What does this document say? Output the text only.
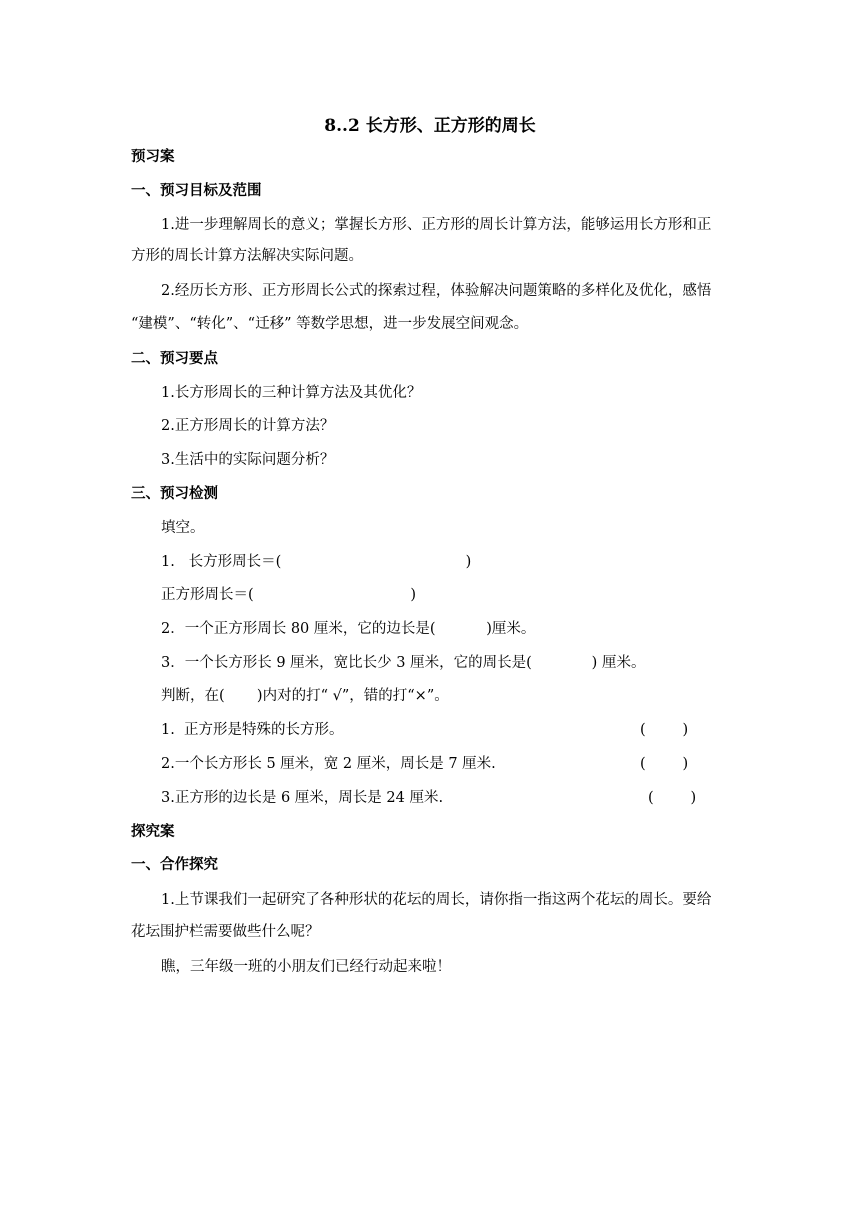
8..2 长方形、正方形的周长
预习案
一、预习目标及范围
1.进一步理解周长的意义；掌握长方形、正方形的周长计算方法，能够运用长方形和正
方形的周长计算方法解决实际问题。
2.经历长方形、正方形周长公式的探索过程，体验解决问题策略的多样化及优化，感悟
“建模”、“转化”、“迁移” 等数学思想，进一步发展空间观念。
二、预习要点
1.长方形周长的三种计算方法及其优化？
2.正方形周长的计算方法？
3.生活中的实际问题分析？
三、预习检测
填空。
1.   长方形周长＝(                                        )
正方形周长＝(                                  )
2．一个正方形周长 80 厘米，它的边长是(           )厘米。
3．一个长方形长 9 厘米，宽比长少 3 厘米，它的周长是(             ) 厘米。
判断，在(       )内对的打“ √”，错的打“×”。
1.  正方形是特殊的长方形。	(        )
2.一个长方形长 5 厘米，宽 2 厘米，周长是 7 厘米.	(        )
3.正方形的边长是 6 厘米，周长是 24 厘米.	(        )
探究案
一、合作探究
1.上节课我们一起研究了各种形状的花坛的周长，请你指一指这两个花坛的周长。要给
花坛围护栏需要做些什么呢？
瞧，三年级一班的小朋友们已经行动起来啦！
